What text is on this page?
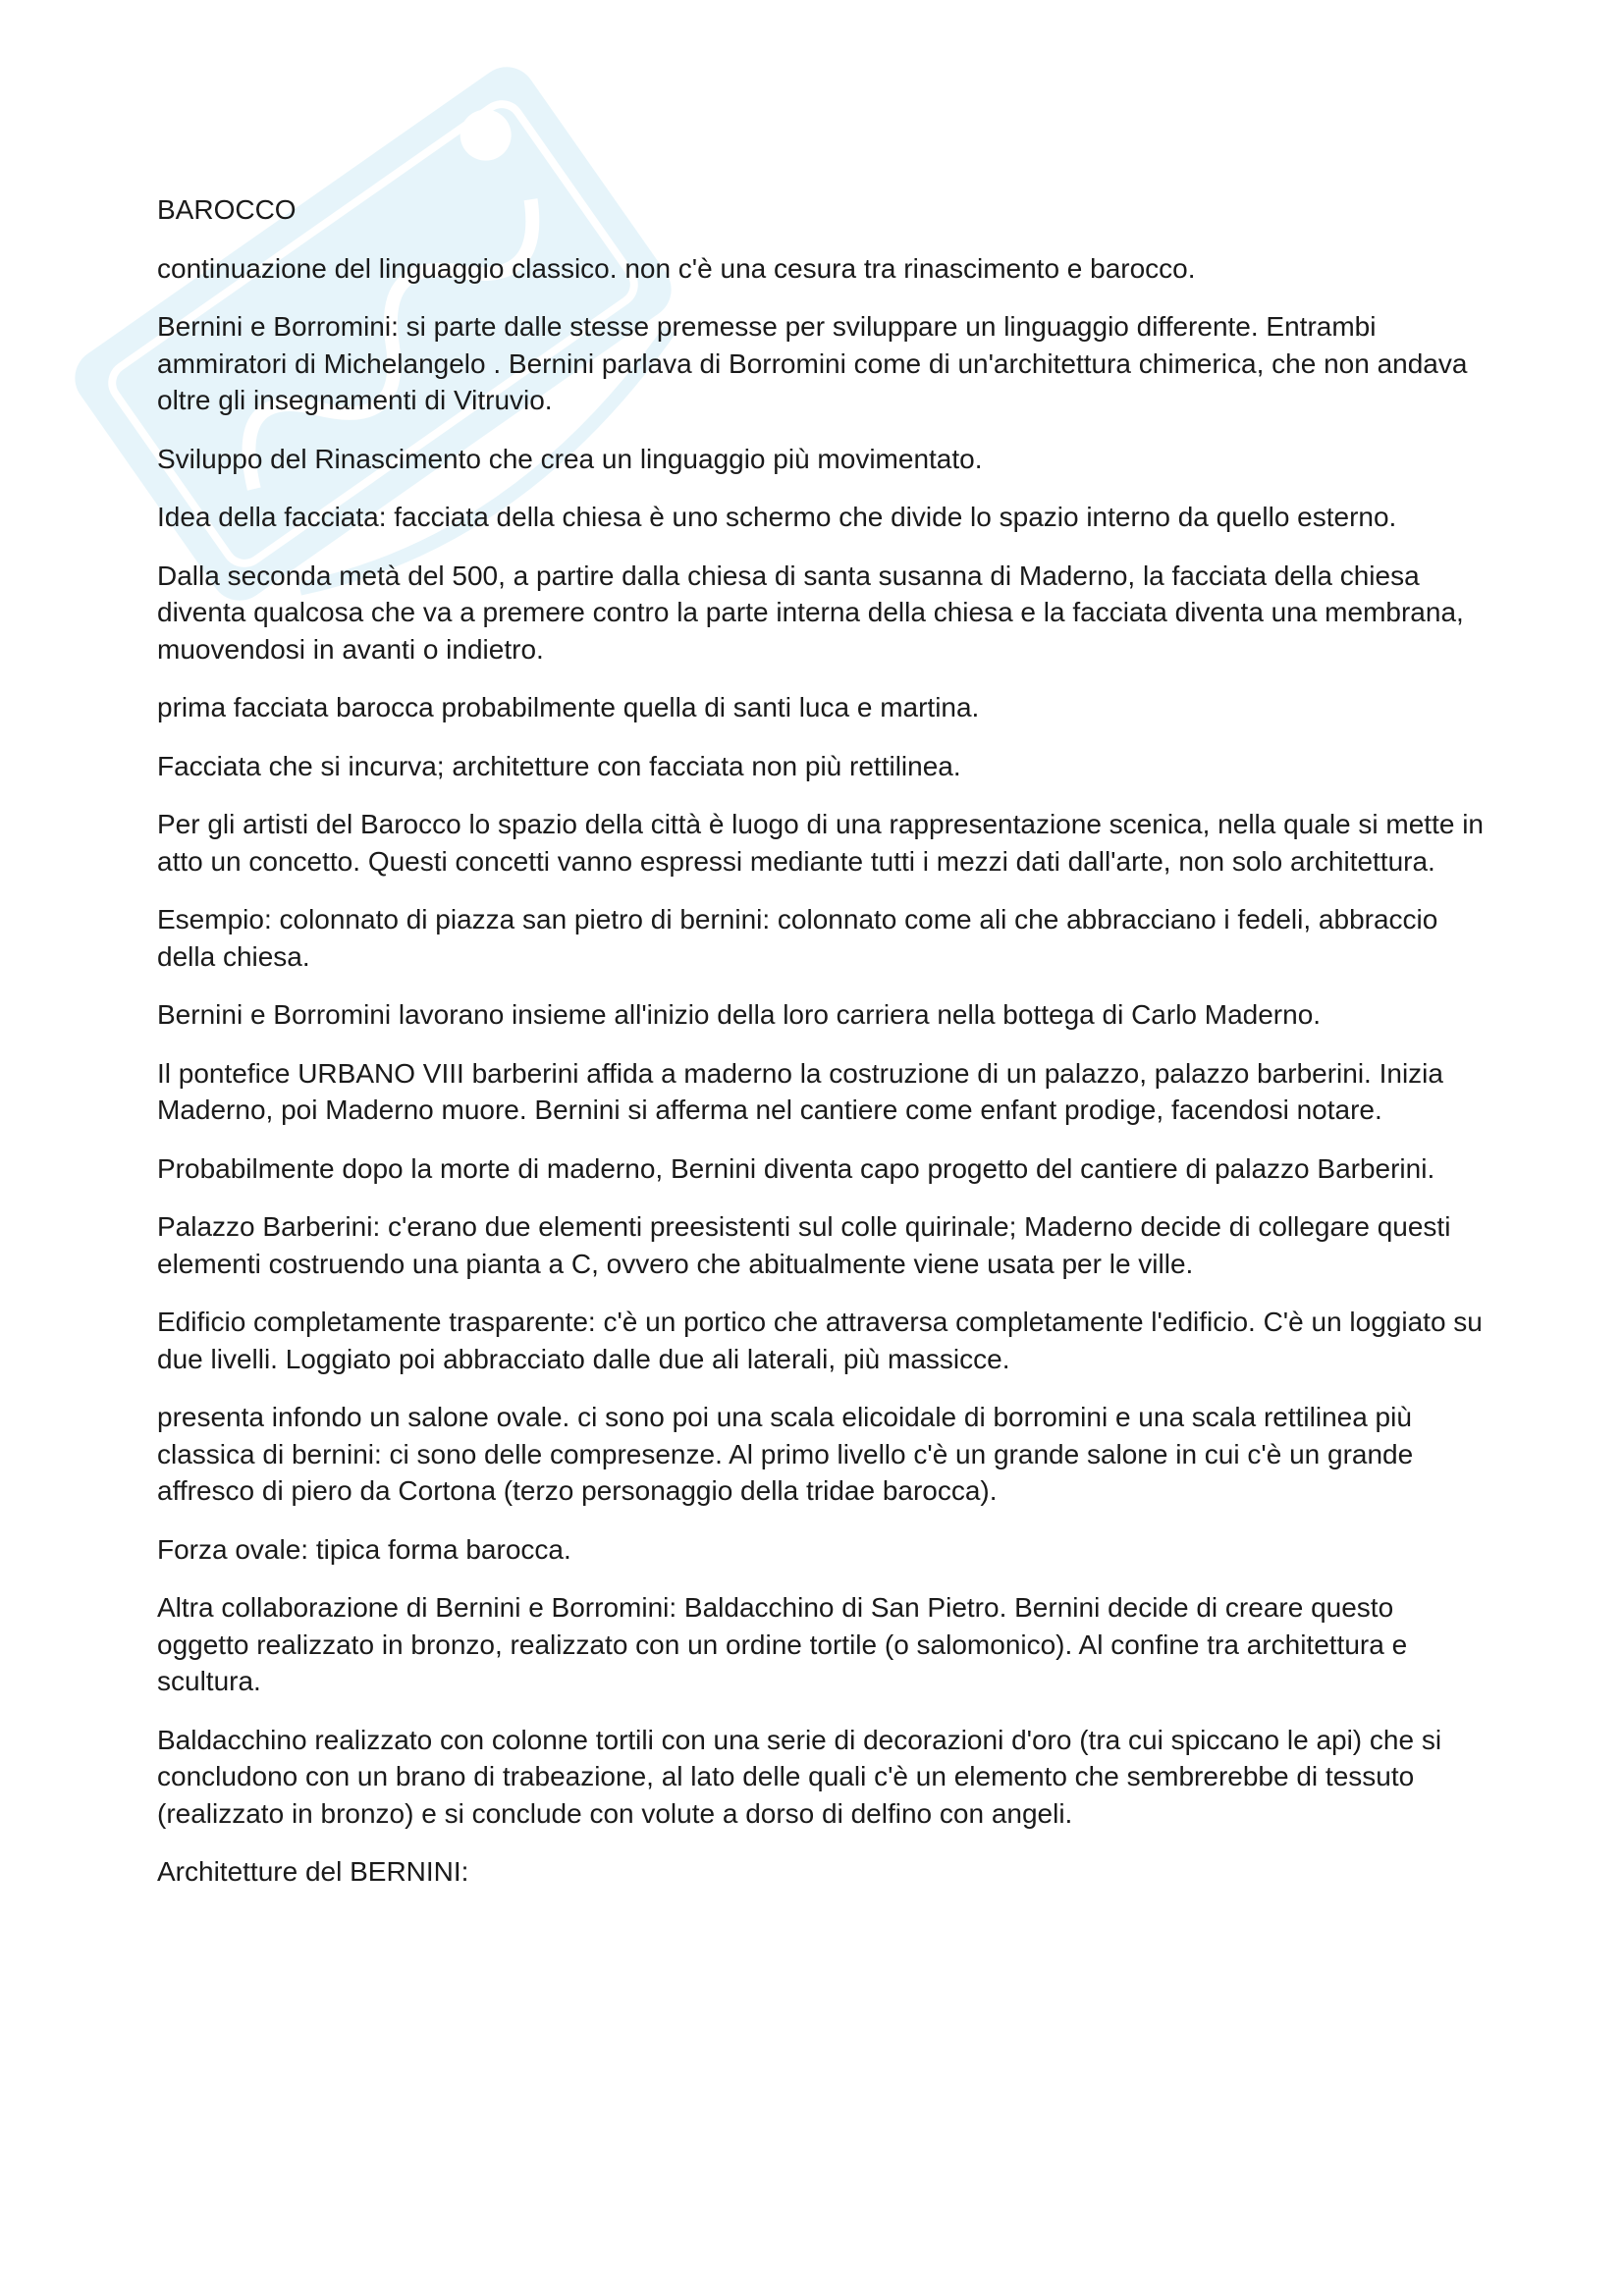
BAROCCO

continuazione del linguaggio classico. non c'è una cesura tra rinascimento e barocco.

Bernini e Borromini: si parte dalle stesse premesse per sviluppare un linguaggio differente. Entrambi ammiratori di Michelangelo . Bernini parlava di Borromini come di un'architettura chimerica, che non andava oltre gli insegnamenti di Vitruvio.

Sviluppo del Rinascimento che crea un linguaggio più movimentato.

Idea della facciata: facciata della chiesa è uno schermo che divide lo spazio interno da quello esterno.

Dalla seconda metà del 500, a partire dalla chiesa di santa susanna di Maderno, la facciata della chiesa diventa qualcosa che va a premere contro la parte interna della chiesa e la facciata diventa una membrana, muovendosi in avanti o indietro.

prima facciata barocca probabilmente quella di santi luca e martina.

Facciata che si incurva; architetture con facciata non più rettilinea.

Per gli artisti del Barocco lo spazio della città è luogo di una rappresentazione scenica, nella quale si mette in atto un concetto. Questi concetti vanno espressi mediante tutti i mezzi dati dall'arte, non solo architettura.

Esempio: colonnato di piazza san pietro di bernini: colonnato come ali che abbracciano i fedeli, abbraccio della chiesa.

Bernini e Borromini lavorano insieme all'inizio della loro carriera nella bottega di Carlo Maderno.

Il pontefice URBANO VIII barberini affida a maderno la costruzione di un palazzo, palazzo barberini. Inizia Maderno, poi Maderno muore. Bernini si afferma nel cantiere come enfant prodige, facendosi notare.

Probabilmente dopo la morte di maderno, Bernini diventa capo progetto del cantiere di palazzo Barberini.

Palazzo Barberini: c'erano due elementi preesistenti sul colle quirinale; Maderno decide di collegare questi elementi costruendo una pianta a C, ovvero che abitualmente viene usata per le ville.

Edificio completamente trasparente: c'è un portico che attraversa completamente l'edificio. C'è un loggiato su due livelli. Loggiato poi abbracciato dalle due ali laterali, più massicce.

presenta infondo un salone ovale. ci sono poi una scala elicoidale di borromini e una scala rettilinea più classica di bernini: ci sono delle compresenze. Al primo livello c'è un grande salone in cui c'è un grande affresco di piero da Cortona (terzo personaggio della tridae barocca).

Forza ovale: tipica forma barocca.

Altra collaborazione di Bernini e Borromini: Baldacchino di San Pietro. Bernini decide di creare questo oggetto realizzato in bronzo, realizzato con un ordine tortile (o salomonico). Al confine tra architettura e scultura.

Baldacchino realizzato con colonne tortili con una serie di decorazioni d'oro (tra cui spiccano le api) che si concludono con un brano di trabeazione, al lato delle quali c'è un elemento che sembrerebbe di tessuto (realizzato in bronzo) e si conclude con volute a dorso di delfino con angeli.

Architetture del BERNINI:
